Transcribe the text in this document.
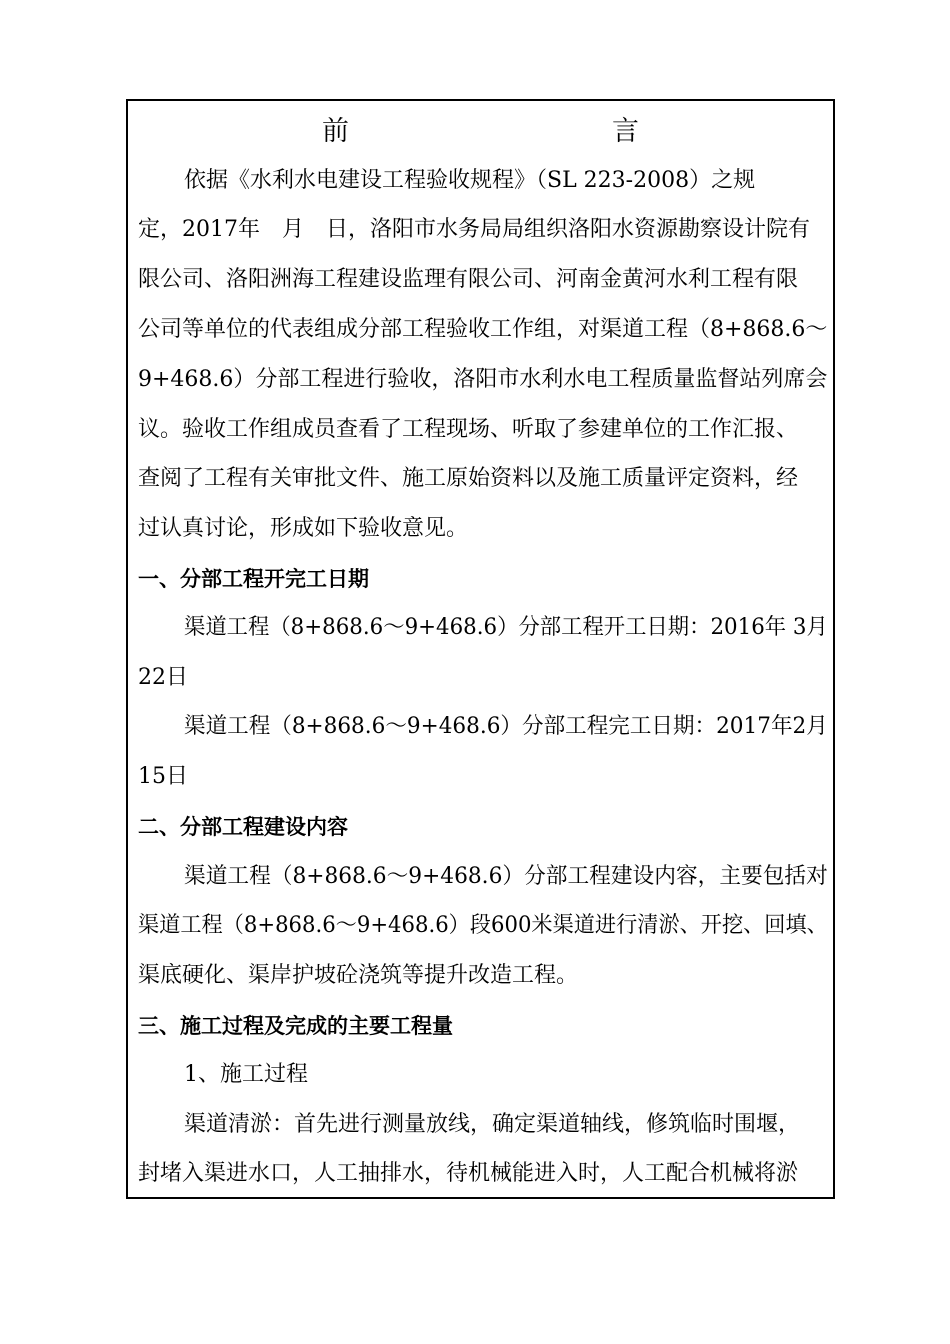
前　言
依据《水利水电建设工程验收规程》（SL 223-2008）之规
定，2017年　月　日，洛阳市水务局局组织洛阳水资源勘察设计院有
限公司、洛阳洲海工程建设监理有限公司、河南金黄河水利工程有限
公司等单位的代表组成分部工程验收工作组，对渠道工程（8+868.6～
9+468.6）分部工程进行验收，洛阳市水利水电工程质量监督站列席会
议。验收工作组成员查看了工程现场、听取了参建单位的工作汇报、
查阅了工程有关审批文件、施工原始资料以及施工质量评定资料，经
过认真讨论，形成如下验收意见。
一、分部工程开完工日期
渠道工程（8+868.6～9+468.6）分部工程开工日期：2016年 3月
22日
渠道工程（8+868.6～9+468.6）分部工程完工日期：2017年2月
15日
二、分部工程建设内容
渠道工程（8+868.6～9+468.6）分部工程建设内容，主要包括对
渠道工程（8+868.6～9+468.6）段600米渠道进行清淤、开挖、回填、
渠底硬化、渠岸护坡砼浇筑等提升改造工程。
三、施工过程及完成的主要工程量
1、施工过程
渠道清淤：首先进行测量放线，确定渠道轴线，修筑临时围堰，
封堵入渠进水口，人工抽排水，待机械能进入时，人工配合机械将淤
